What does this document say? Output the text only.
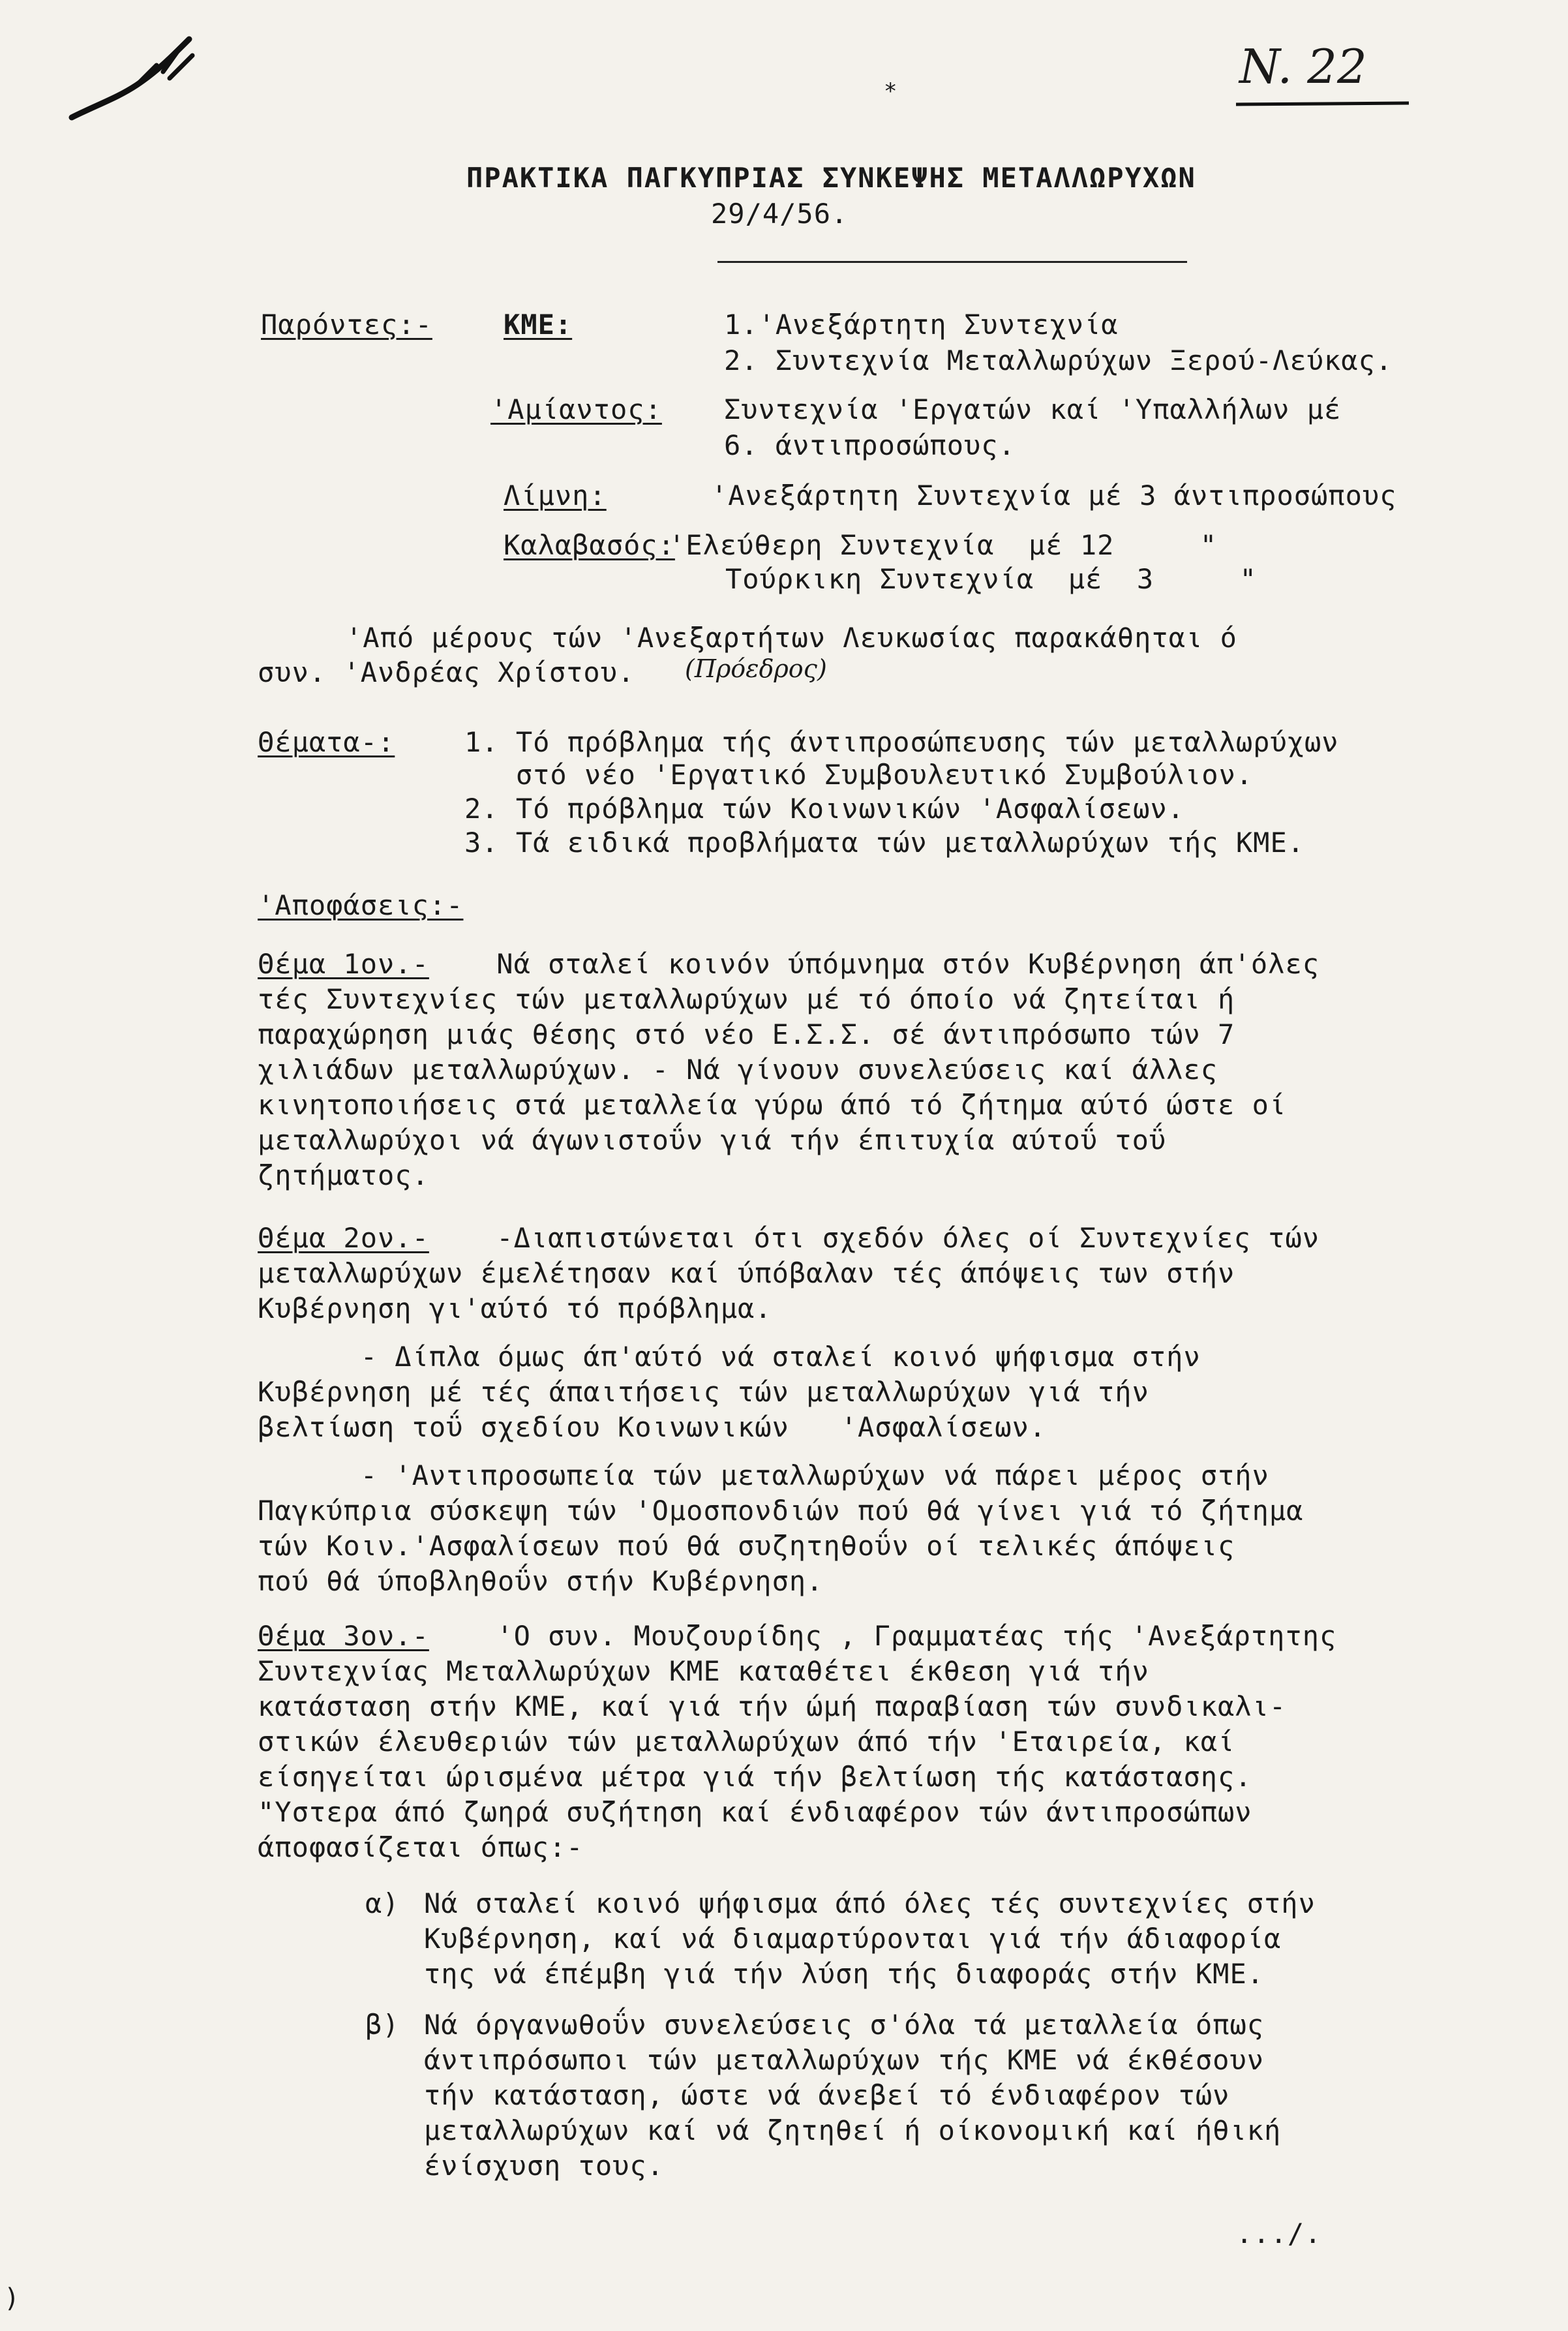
*	N. 22
ΠΡΑΚΤΙΚΑ ΠΑΓΚΥΠΡΙΑΣ ΣΥΝΚΕΨΗΣ ΜΕΤΑΛΛΩΡΥΧΩΝ
29/4/56.
Παρόντες:-	ΚΜΕ:	1.'Ανεξάρτητη Συντεχνία
2. Συντεχνία Μεταλλωρύχων Ξερού-Λεύκας.
'Αμίαντος: Συντεχνία 'Εργατών καί 'Υπαλλήλων μέ
6. άντιπροσώπους.
Λίμνη:	'Ανεξάρτητη Συντεχνία μέ 3 άντιπροσώπους
Καλαβασός:
'Ελεύθερη Συντεχνία  μέ 12     "
Τούρκικη Συντεχνία  μέ  3     "
'Από μέρους τών 'Ανεξαρτήτων Λευκωσίας παρακάθηται ό
συν. 'Ανδρέας Χρίστου. (Πρόεδρος)
Θέματα-:	1. Τό πρόβλημα τής άντιπροσώπευσης τών μεταλλωρύχων
στό νέο 'Εργατικό Συμβουλευτικό Συμβούλιον.
2. Τό πρόβλημα τών Κοινωνικών 'Ασφαλίσεων.
3. Τά ειδικά προβλήματα τών μεταλλωρύχων τής ΚΜΕ.
'Αποφάσεις:-
Θέμα 1ον.- Νά σταλεί κοινόν ύπόμνημα στόν Κυβέρνηση άπ'όλες
τές Συντεχνίες τών μεταλλωρύχων μέ τό όποίο νά ζητείται ή
παραχώρηση μιάς θέσης στό νέο Ε.Σ.Σ. σέ άντιπρόσωπο τών 7
χιλιάδων μεταλλωρύχων. - Νά γίνουν συνελεύσεις καί άλλες
κινητοποιήσεις στά μεταλλεία γύρω άπό τό ζήτημα αύτό ώστε οί
μεταλλωρύχοι νά άγωνιστοΰν γιά τήν έπιτυχία αύτοΰ τοΰ
ζητήματος.
Θέμα 2ον.- -Διαπιστώνεται ότι σχεδόν όλες οί Συντεχνίες τών
μεταλλωρύχων έμελέτησαν καί ύπόβαλαν τές άπόψεις των στήν
Κυβέρνηση γι'αύτό τό πρόβλημα.
- Δίπλα όμως άπ'αύτό νά σταλεί κοινό ψήφισμα στήν
Κυβέρνηση μέ τές άπαιτήσεις τών μεταλλωρύχων γιά τήν
βελτίωση τοΰ σχεδίου Κοινωνικών   'Ασφαλίσεων.
- 'Αντιπροσωπεία τών μεταλλωρύχων νά πάρει μέρος στήν
Παγκύπρια σύσκεψη τών 'Ομοσπονδιών πού θά γίνει γιά τό ζήτημα
τών Κοιν.'Ασφαλίσεων πού θά συζητηθοΰν οί τελικές άπόψεις
πού θά ύποβληθοΰν στήν Κυβέρνηση.
Θέμα 3ον.- 'Ο συν. Μουζουρίδης , Γραμματέας τής 'Ανεξάρτητης
Συντεχνίας Μεταλλωρύχων ΚΜΕ καταθέτει έκθεση γιά τήν
κατάσταση στήν ΚΜΕ, καί γιά τήν ώμή παραβίαση τών συνδικαλι-
στικών έλευθεριών τών μεταλλωρύχων άπό τήν 'Εταιρεία, καί
είσηγείται ώρισμένα μέτρα γιά τήν βελτίωση τής κατάστασης.
"Υστερα άπό ζωηρά συζήτηση καί ένδιαφέρον τών άντιπροσώπων
άποφασίζεται όπως:-
α) Νά σταλεί κοινό ψήφισμα άπό όλες τές συντεχνίες στήν
Κυβέρνηση, καί νά διαμαρτύρονται γιά τήν άδιαφορία
της νά έπέμβη γιά τήν λύση τής διαφοράς στήν ΚΜΕ.
β) Νά όργανωθοΰν συνελεύσεις σ'όλα τά μεταλλεία όπως
άντιπρόσωποι τών μεταλλωρύχων τής ΚΜΕ νά έκθέσουν
τήν κατάσταση, ώστε νά άνεβεί τό ένδιαφέρον τών
μεταλλωρύχων καί νά ζητηθεί ή οίκονομική καί ήθική
ένίσχυση τους.
.../.
)
